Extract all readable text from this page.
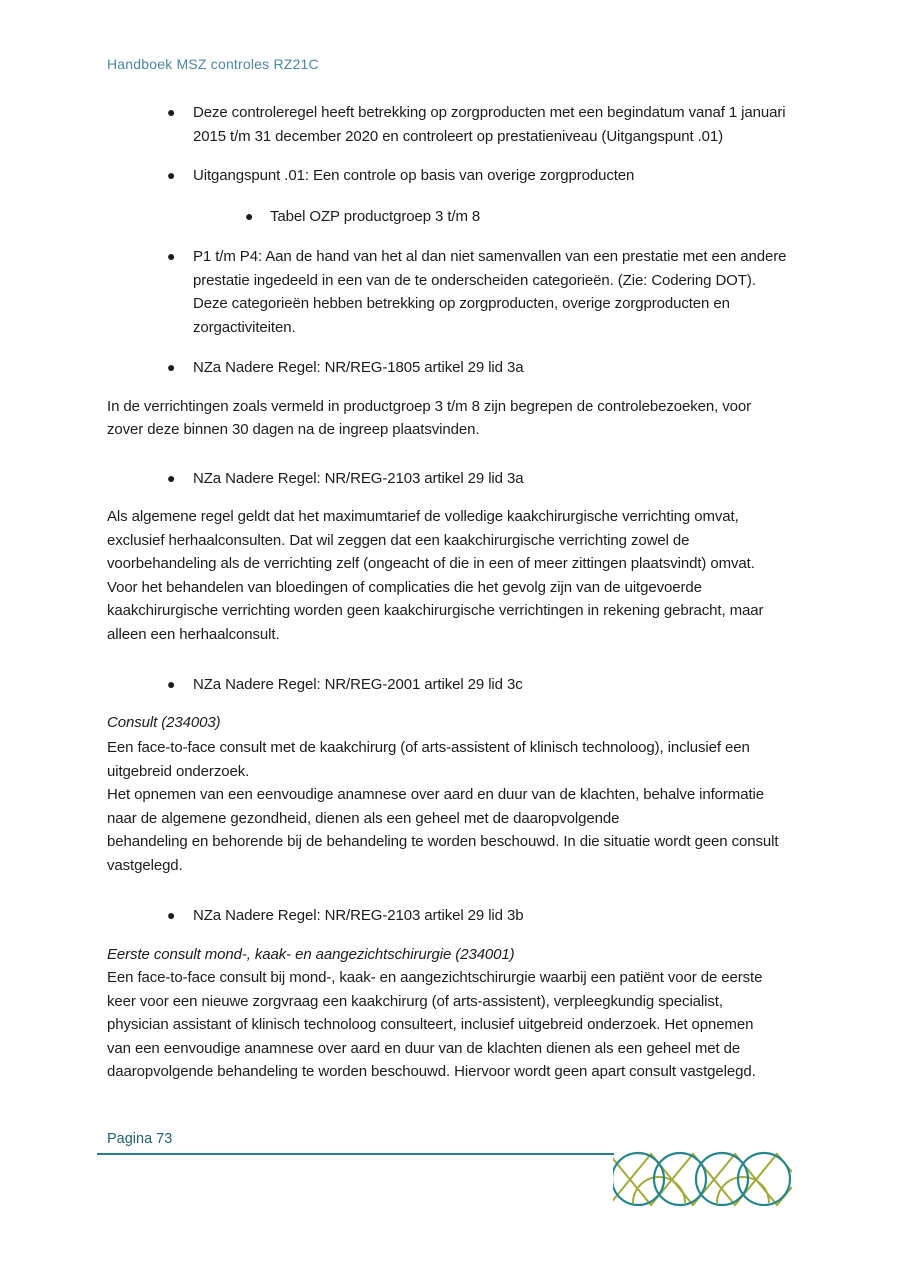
Handboek MSZ controles RZ21C
● Deze controleregel heeft betrekking op zorgproducten met een begindatum vanaf 1 januari
2015 t/m 31 december 2020 en controleert op prestatieniveau (Uitgangspunt .01)
● Uitgangspunt .01: Een controle op basis van overige zorgproducten
● Tabel OZP productgroep 3 t/m 8
● P1 t/m P4: Aan de hand van het al dan niet samenvallen van een prestatie met een andere
prestatie ingedeeld in een van de te onderscheiden categorieën. (Zie: Codering DOT).
Deze categorieën hebben betrekking op zorgproducten, overige zorgproducten en
zorgactiviteiten.
● NZa Nadere Regel: NR/REG-1805 artikel 29 lid 3a
In de verrichtingen zoals vermeld in productgroep 3 t/m 8 zijn begrepen de controlebezoeken, voor
zover deze binnen 30 dagen na de ingreep plaatsvinden.
● NZa Nadere Regel: NR/REG-2103 artikel 29 lid 3a
Als algemene regel geldt dat het maximumtarief de volledige kaakchirurgische verrichting omvat,
exclusief herhaalconsulten. Dat wil zeggen dat een kaakchirurgische verrichting zowel de
voorbehandeling als de verrichting zelf (ongeacht of die in een of meer zittingen plaatsvindt) omvat.
Voor het behandelen van bloedingen of complicaties die het gevolg zijn van de uitgevoerde
kaakchirurgische verrichting worden geen kaakchirurgische verrichtingen in rekening gebracht, maar
alleen een herhaalconsult.
● NZa Nadere Regel: NR/REG-2001 artikel 29 lid 3c
Consult (234003)
Een face-to-face consult met de kaakchirurg (of arts-assistent of klinisch technoloog), inclusief een
uitgebreid onderzoek.
Het opnemen van een eenvoudige anamnese over aard en duur van de klachten, behalve informatie
naar de algemene gezondheid, dienen als een geheel met de daaropvolgende
behandeling en behorende bij de behandeling te worden beschouwd. In die situatie wordt geen consult
vastgelegd.
● NZa Nadere Regel: NR/REG-2103 artikel 29 lid 3b
Eerste consult mond-, kaak- en aangezichtschirurgie (234001)
Een face-to-face consult bij mond-, kaak- en aangezichtschirurgie waarbij een patiënt voor de eerste
keer voor een nieuwe zorgvraag een kaakchirurg (of arts-assistent), verpleegkundig specialist,
physician assistant of klinisch technoloog consulteert, inclusief uitgebreid onderzoek. Het opnemen
van een eenvoudige anamnese over aard en duur van de klachten dienen als een geheel met de
daaropvolgende behandeling te worden beschouwd. Hiervoor wordt geen apart consult vastgelegd.
Pagina 73
